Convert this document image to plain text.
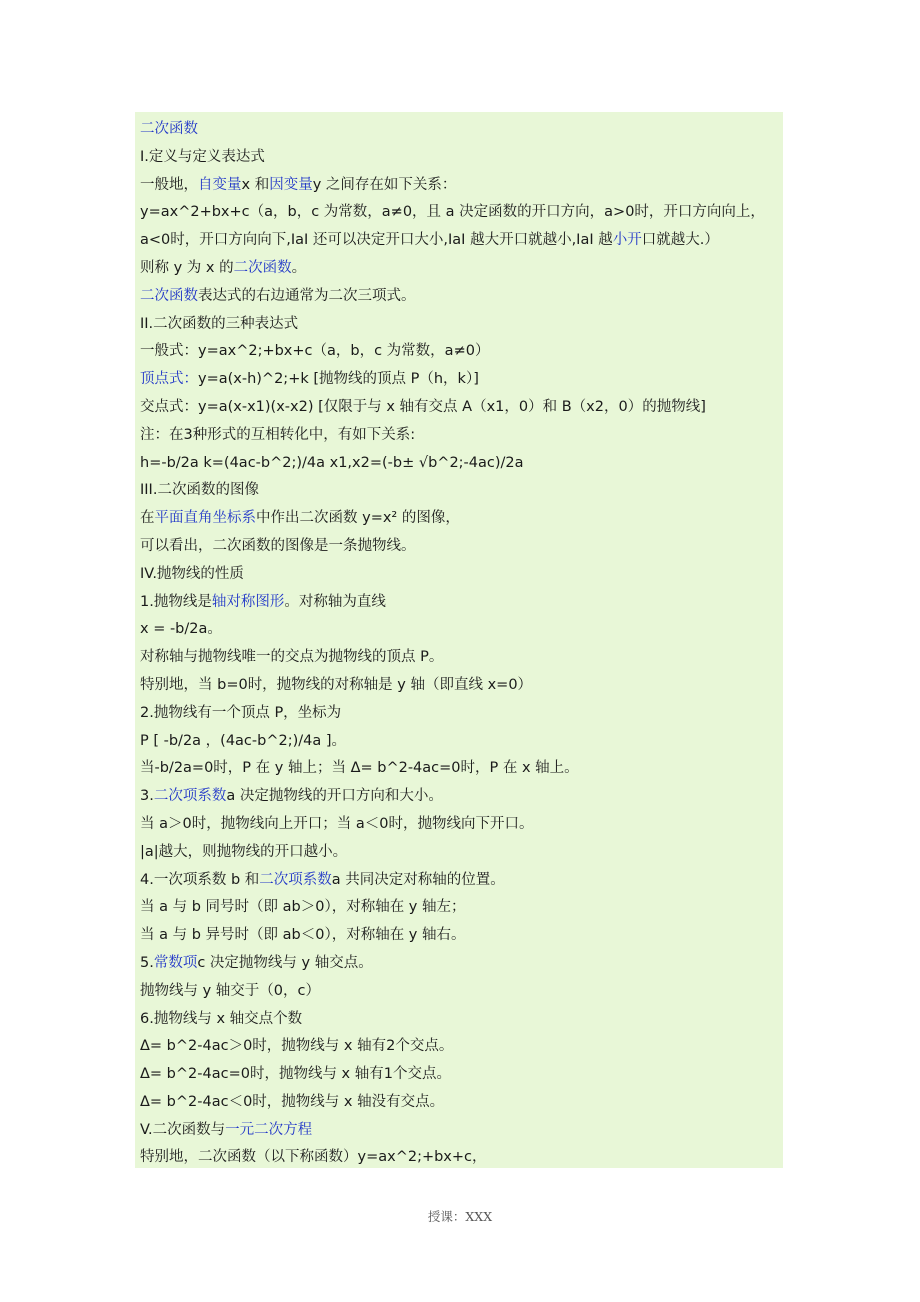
二次函数
I.定义与定义表达式
一般地，自变量x 和因变量y 之间存在如下关系：
y=ax^2+bx+c（a，b，c 为常数，a≠0，且 a 决定函数的开口方向，a>0时，开口方向向上，
a<0时，开口方向向下,IaI 还可以决定开口大小,IaI 越大开口就越小,IaI 越小开口就越大.）
则称 y 为 x 的二次函数。
二次函数表达式的右边通常为二次三项式。
II.二次函数的三种表达式
一般式：y=ax^2;+bx+c（a，b，c 为常数，a≠0）
顶点式：y=a(x-h)^2;+k [抛物线的顶点 P（h，k）]
交点式：y=a(x-x1)(x-x2) [仅限于与 x 轴有交点 A（x1，0）和 B（x2，0）的抛物线]
注：在3种形式的互相转化中，有如下关系:
h=-b/2a k=(4ac-b^2;)/4a x1,x2=(-b± √b^2;-4ac)/2a
III.二次函数的图像
在平面直角坐标系中作出二次函数 y=x² 的图像，
可以看出，二次函数的图像是一条抛物线。
IV.抛物线的性质
1.抛物线是轴对称图形。对称轴为直线
x = -b/2a。
对称轴与抛物线唯一的交点为抛物线的顶点 P。
特别地，当 b=0时，抛物线的对称轴是 y 轴（即直线 x=0）
2.抛物线有一个顶点 P，坐标为
P [ -b/2a ，(4ac-b^2;)/4a ]。
当-b/2a=0时，P 在 y 轴上；当 Δ= b^2-4ac=0时，P 在 x 轴上。
3.二次项系数a 决定抛物线的开口方向和大小。
当 a＞0时，抛物线向上开口；当 a＜0时，抛物线向下开口。
|a|越大，则抛物线的开口越小。
4.一次项系数 b 和二次项系数a 共同决定对称轴的位置。
当 a 与 b 同号时（即 ab＞0），对称轴在 y 轴左；
当 a 与 b 异号时（即 ab＜0），对称轴在 y 轴右。
5.常数项c 决定抛物线与 y 轴交点。
抛物线与 y 轴交于（0，c）
6.抛物线与 x 轴交点个数
Δ= b^2-4ac＞0时，抛物线与 x 轴有2个交点。
Δ= b^2-4ac=0时，抛物线与 x 轴有1个交点。
Δ= b^2-4ac＜0时，抛物线与 x 轴没有交点。
V.二次函数与一元二次方程
特别地，二次函数（以下称函数）y=ax^2;+bx+c，
授课：XXX
